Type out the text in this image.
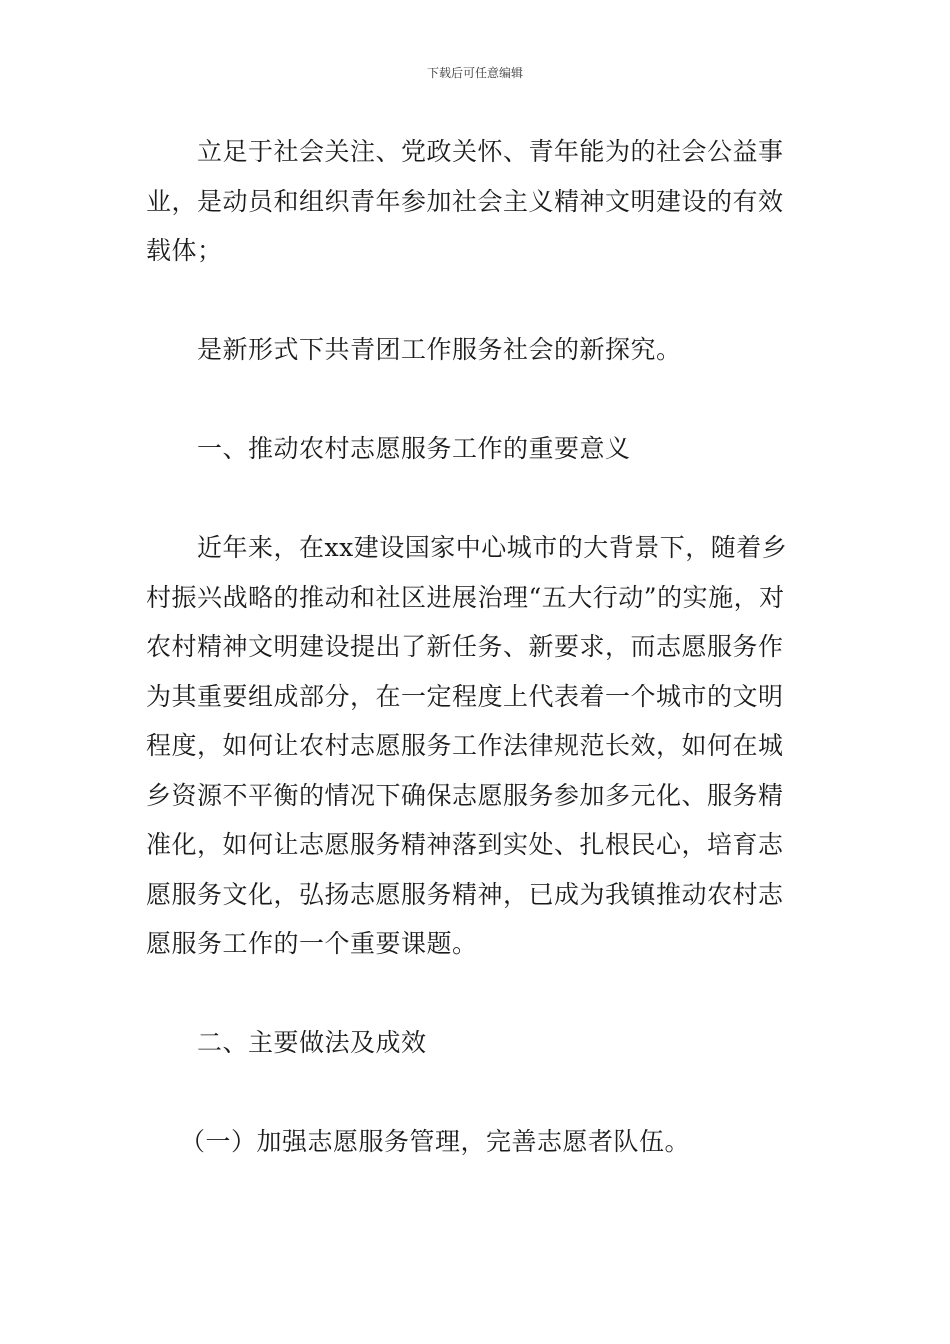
下载后可任意编辑

立足于社会关注、党政关怀、青年能为的社会公益事业，是动员和组织青年参加社会主义精神文明建设的有效载体；

是新形式下共青团工作服务社会的新探究。

一、推动农村志愿服务工作的重要意义

近年来，在xx建设国家中心城市的大背景下，随着乡村振兴战略的推动和社区进展治理“五大行动”的实施，对农村精神文明建设提出了新任务、新要求，而志愿服务作为其重要组成部分，在一定程度上代表着一个城市的文明程度，如何让农村志愿服务工作法律规范长效，如何在城乡资源不平衡的情况下确保志愿服务参加多元化、服务精准化，如何让志愿服务精神落到实处、扎根民心，培育志愿服务文化，弘扬志愿服务精神，已成为我镇推动农村志愿服务工作的一个重要课题。

二、主要做法及成效

（一）加强志愿服务管理，完善志愿者队伍。
